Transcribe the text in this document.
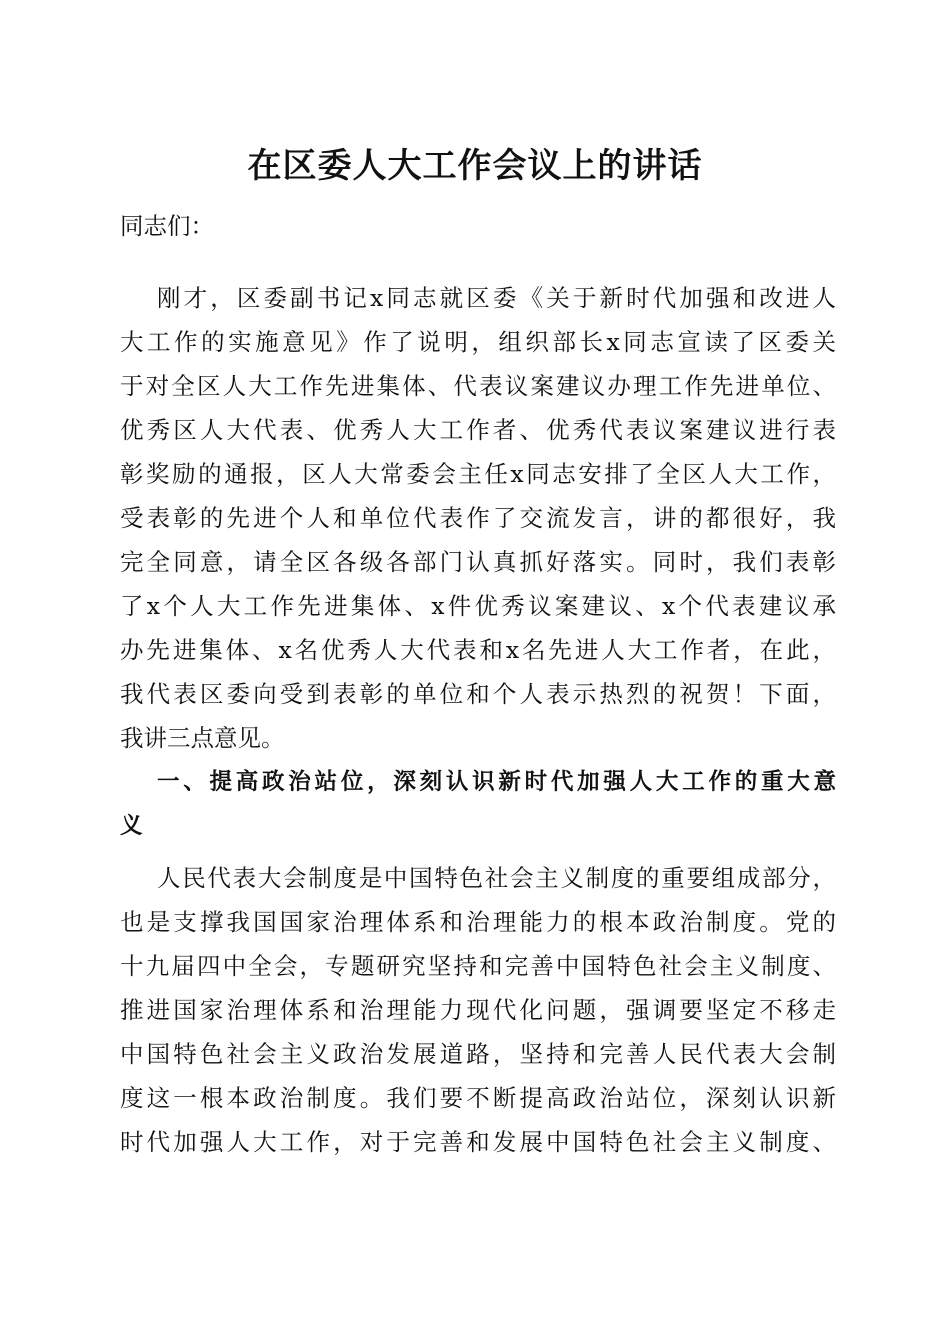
在区委人大工作会议上的讲话
同志们：
刚才，区委副书记x同志就区委《关于新时代加强和改进人
大工作的实施意见》作了说明，组织部长x同志宣读了区委关
于对全区人大工作先进集体、代表议案建议办理工作先进单位、
优秀区人大代表、优秀人大工作者、优秀代表议案建议进行表
彰奖励的通报，区人大常委会主任x同志安排了全区人大工作，
受表彰的先进个人和单位代表作了交流发言，讲的都很好，我
完全同意，请全区各级各部门认真抓好落实。同时，我们表彰
了x个人大工作先进集体、x件优秀议案建议、x个代表建议承
办先进集体、x名优秀人大代表和x名先进人大工作者，在此，
我代表区委向受到表彰的单位和个人表示热烈的祝贺！下面，
我讲三点意见。
一、提高政治站位，深刻认识新时代加强人大工作的重大意
义
人民代表大会制度是中国特色社会主义制度的重要组成部分，
也是支撑我国国家治理体系和治理能力的根本政治制度。党的
十九届四中全会，专题研究坚持和完善中国特色社会主义制度、
推进国家治理体系和治理能力现代化问题，强调要坚定不移走
中国特色社会主义政治发展道路，坚持和完善人民代表大会制
度这一根本政治制度。我们要不断提高政治站位，深刻认识新
时代加强人大工作，对于完善和发展中国特色社会主义制度、
